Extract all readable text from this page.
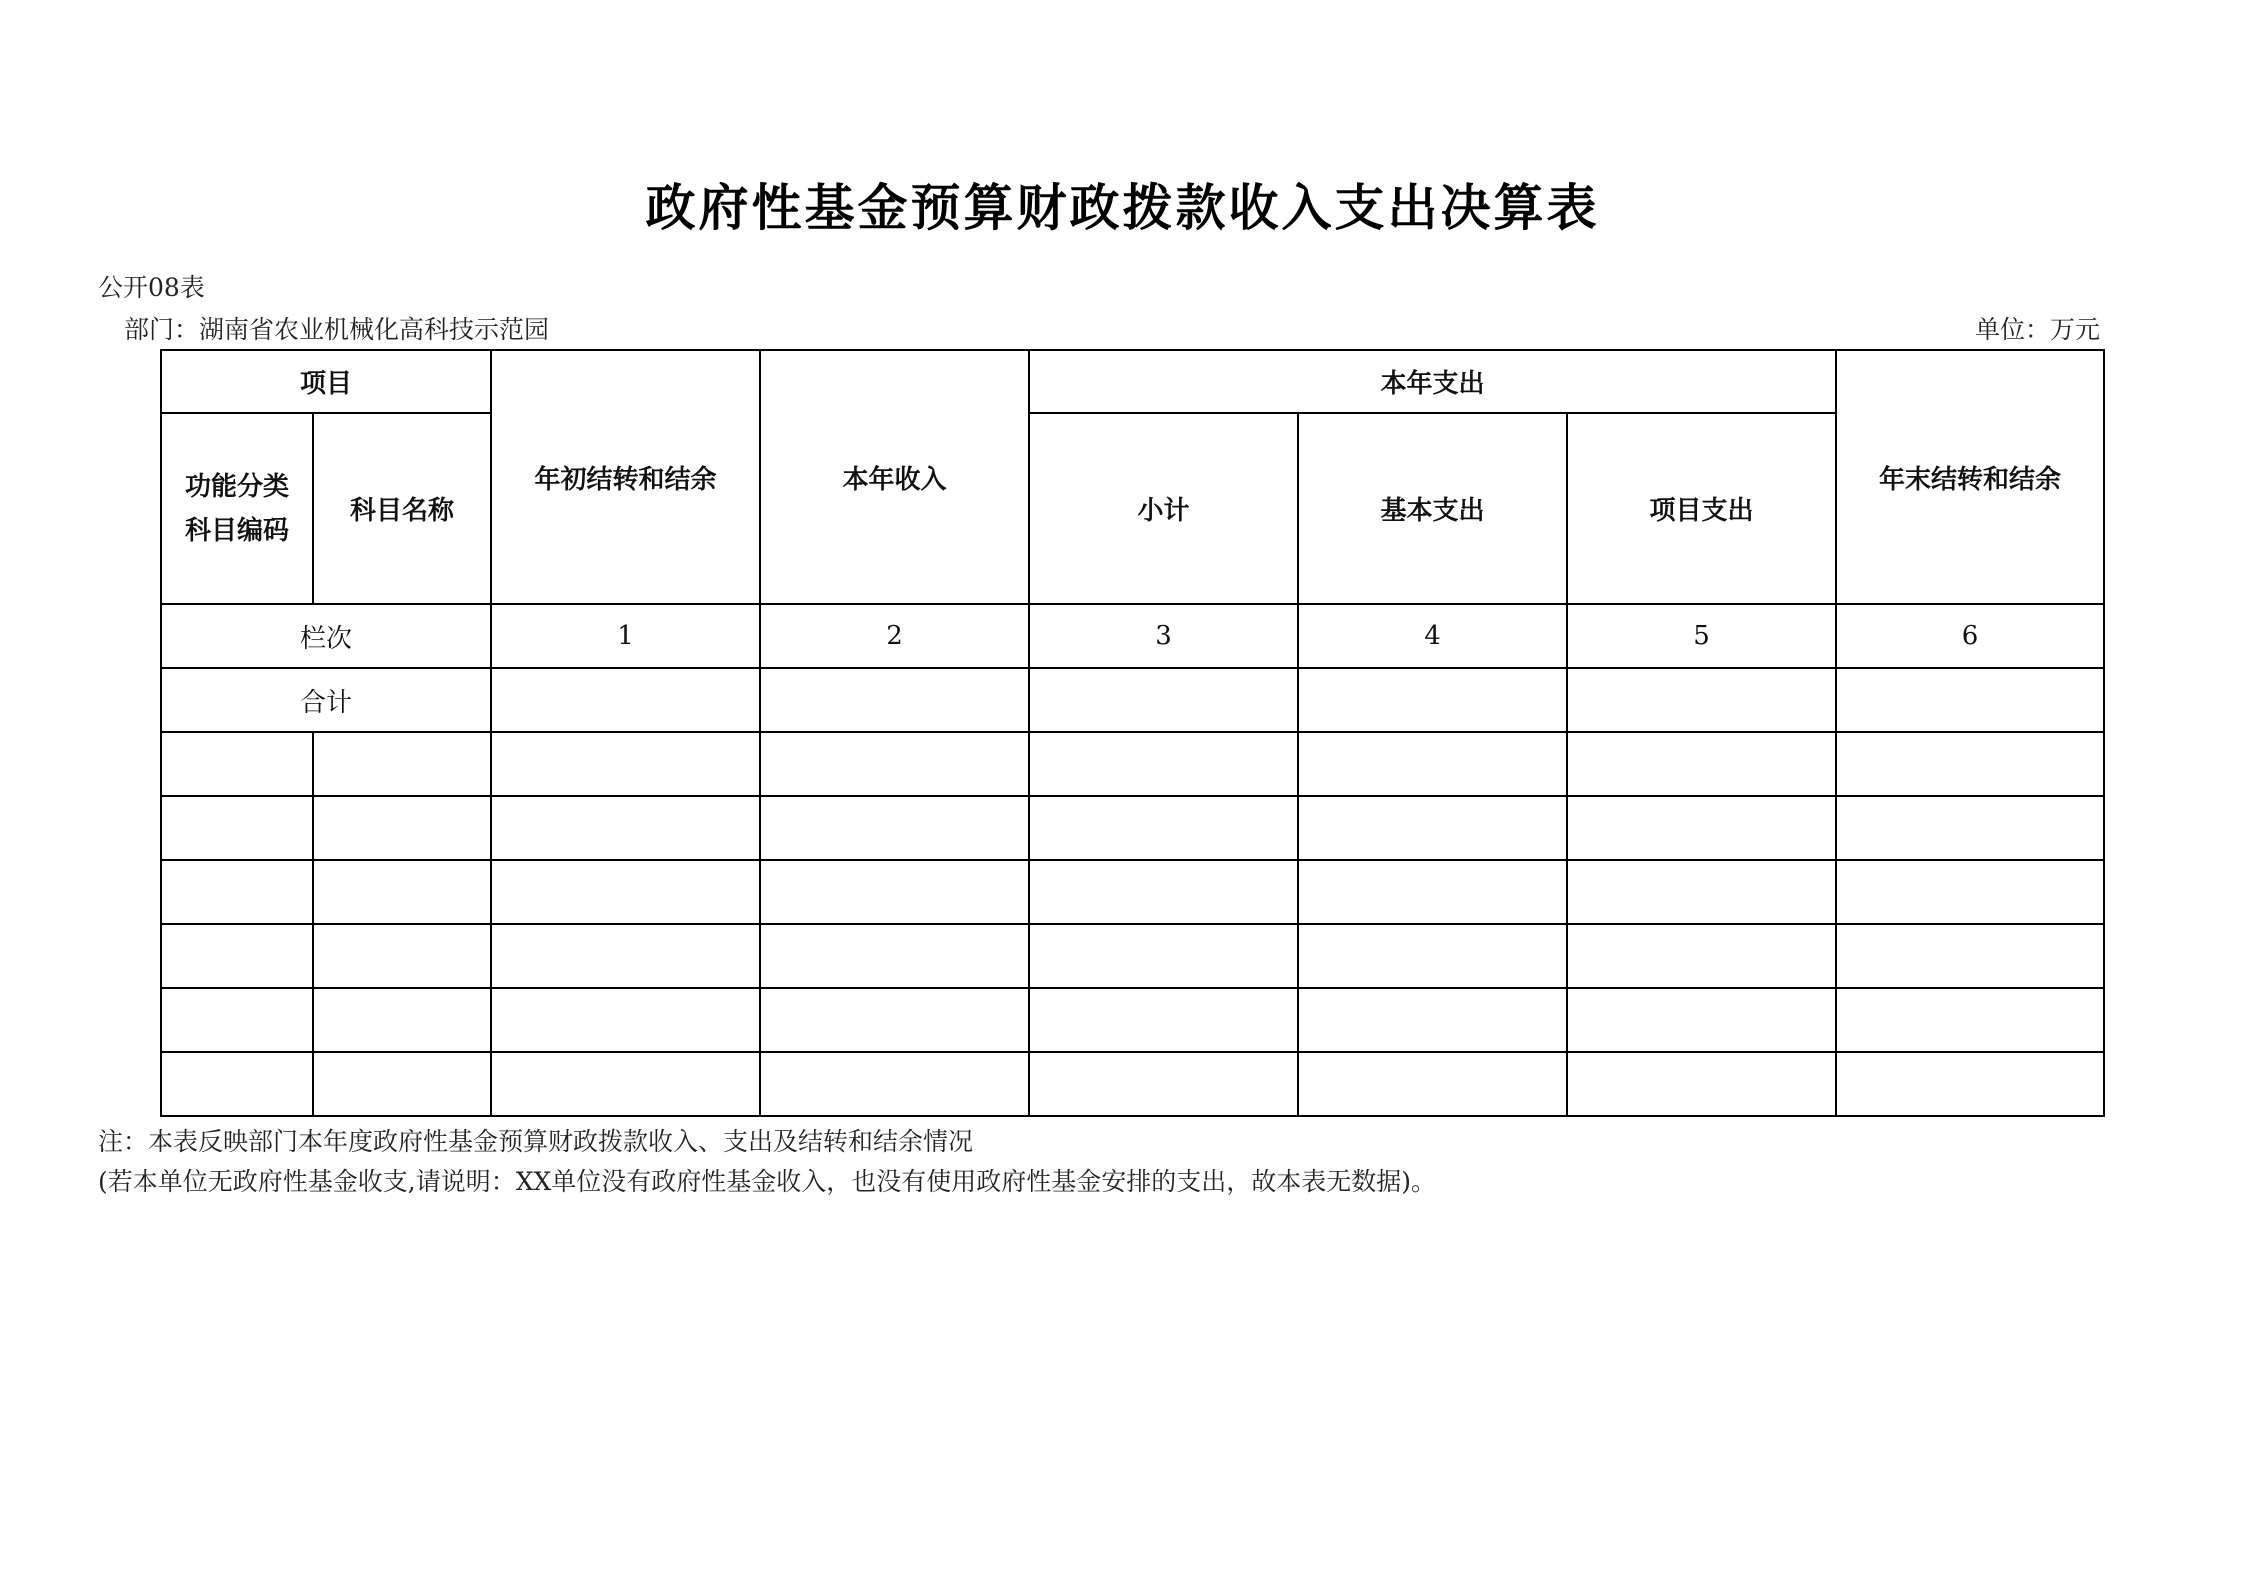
政府性基金预算财政拨款收入支出决算表
公开08表
部门：湖南省农业机械化高科技示范园	单位：万元
项目		年初结转和结余	本年收入	本年支出			年末结转和结余

功能分类
科目编码	科目名称			小计	基本支出	项目支出	
栏次		1	2	3	4	5	6
合计							

注：本表反映部门本年度政府性基金预算财政拨款收入、支出及结转和结余情况
(若本单位无政府性基金收支,请说明：XX单位没有政府性基金收入，也没有使用政府性基金安排的支出，故本表无数据)。
